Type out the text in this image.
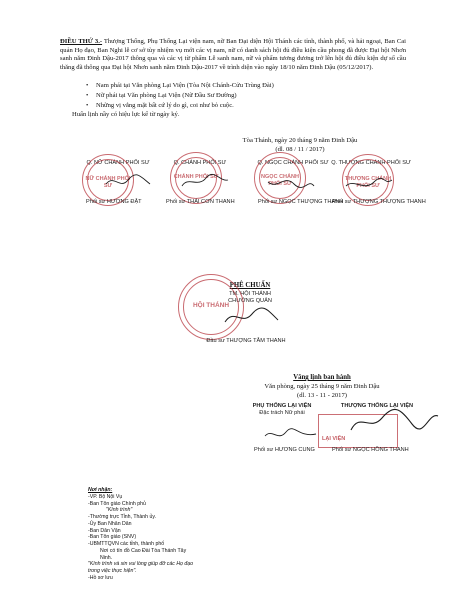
ĐIỀU THỨ 3.- Thượng Thống, Phụ Thống Lại viện nam, nữ Ban Đại diện Hội Thánh các tỉnh, thành phố, và hải ngoại, Ban Cai quản Họ đạo, Ban Nghi lễ cơ sở tùy nhiệm vụ mới các vị nam, nữ có danh sách hội đủ điều kiện cầu phong đã được Đại hội Nhơn sanh năm Đinh Dậu-2017 thông qua và các vị từ phẩm Lễ sanh nam, nữ và phẩm tương đương trở lên hội đủ điều kiện dự sổ cầu thăng đã thông qua Đại hội Nhơn sanh năm Đinh Dậu-2017 về trình diện vào ngày 18/10 năm Đinh Dậu (05/12/2017).
•	Nam phái tại Văn phòng Lại Viện (Tòa Nội Chánh-Cửu Trùng Đài)
•	Nữ phái tại Văn phòng Lại Viện (Nữ Đầu Sư Đường)
•	Những vị vắng mặt bất cứ lý do gì, coi như bỏ cuộc.
Huấn lịnh nầy có hiệu lực kể từ ngày ký.
Tòa Thánh, ngày 20 tháng 9 năm Đinh Dậu
(dl. 08 / 11 / 2017)
Q. NỮ CHÁNH PHỐI SƯ
NỮ CHÁNH PHỐI SƯ
Phối sư HƯƠNG ĐẬT
Q. CHÁNH PHỐI SƯ
CHÁNH PHỐI SƯ
Phối sư THÁI CƠN THANH
Q. NGỌC CHÁNH PHỐI SƯ
NGỌC CHÁNH PHỐI SƯ
Phối sư NGỌC THƯỢNG THANH
Q. THƯỢNG CHÁNH PHỐI SƯ
THƯỢNG CHÁNH PHỐI SƯ
Phối sư THƯỢNG THƯỢNG THANH
PHÊ CHUẨN
TM. HỘI THÁNH
CHƯỞNG QUẢN
HỘI THÁNH
Đầu sư THƯỢNG TÂM THANH
Vâng lịnh ban hành
Văn phòng, ngày 25 tháng 9 năm Đinh Dậu
(dl. 13 - 11 - 2017)
PHỤ THỐNG LẠI VIỆN
Đặc trách Nữ phái
Phối sư HƯƠNG CUNG
THƯỢNG THỐNG LẠI VIỆN
LẠI VIỆN
Phối sư NGỌC HỒNG THANH
Nơi nhận:
-VP. Bộ Nội Vụ
-Ban Tôn giáo Chính phủ
"Kính trình"
-Thường trực Tỉnh, Thành ủy.
-Ủy Ban Nhân Dân
-Ban Dân Vận
-Ban Tôn giáo (SNV)
-UBMTTQVN các tỉnh, thành phố
Nơi có tín đồ Cao Đài Tòa Thánh Tây Ninh.
"Kính trình và xin vui lòng giúp đỡ các Họ đạo trong việc thực hiện".
-Hồ sơ lưu
